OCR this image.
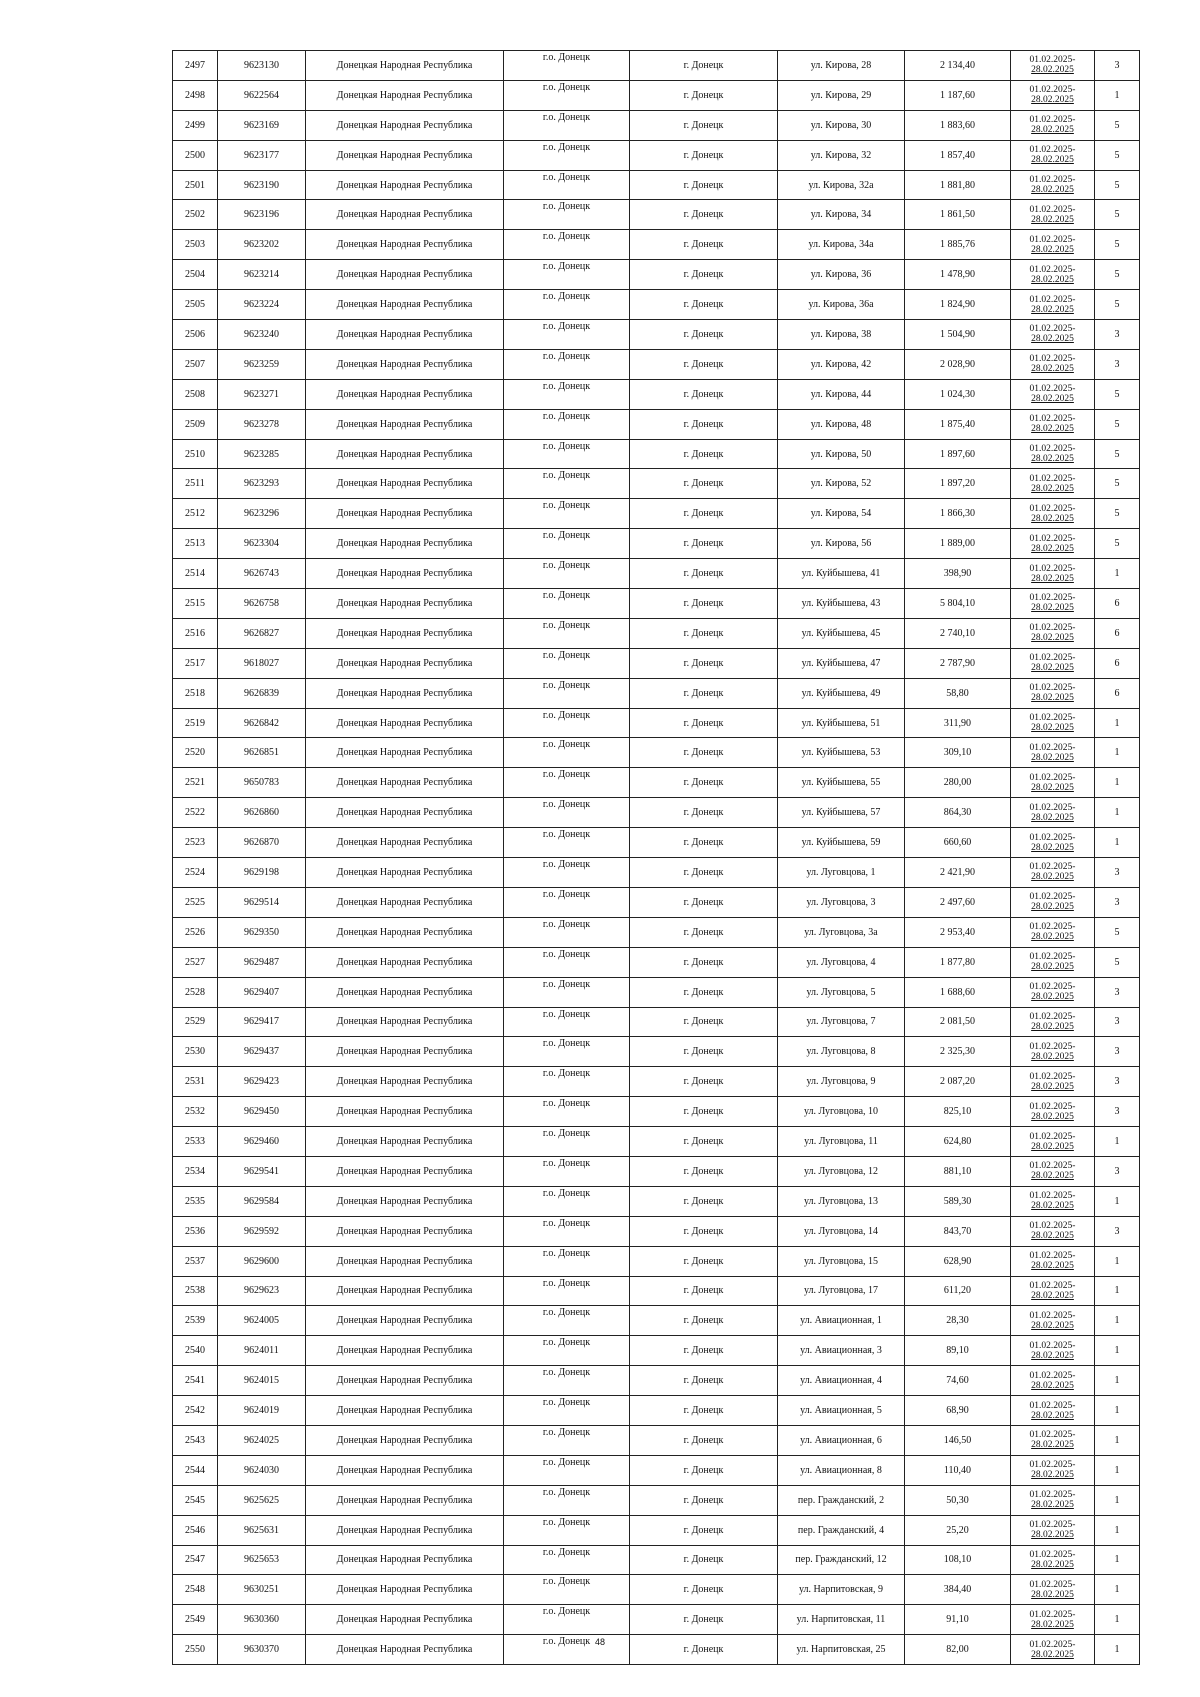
2497	9623130	Донецкая Народная Республика	г.о. Донецк	г. Донецк	ул. Кирова, 28	2 134,40	01.02.2025-
28.02.2025	3
2498	9622564	Донецкая Народная Республика	г.о. Донецк	г. Донецк	ул. Кирова, 29	1 187,60	01.02.2025-
28.02.2025	1
2499	9623169	Донецкая Народная Республика	г.о. Донецк	г. Донецк	ул. Кирова, 30	1 883,60	01.02.2025-
28.02.2025	5
2500	9623177	Донецкая Народная Республика	г.о. Донецк	г. Донецк	ул. Кирова, 32	1 857,40	01.02.2025-
28.02.2025	5
2501	9623190	Донецкая Народная Республика	г.о. Донецк	г. Донецк	ул. Кирова, 32а	1 881,80	01.02.2025-
28.02.2025	5
2502	9623196	Донецкая Народная Республика	г.о. Донецк	г. Донецк	ул. Кирова, 34	1 861,50	01.02.2025-
28.02.2025	5
2503	9623202	Донецкая Народная Республика	г.о. Донецк	г. Донецк	ул. Кирова, 34а	1 885,76	01.02.2025-
28.02.2025	5
2504	9623214	Донецкая Народная Республика	г.о. Донецк	г. Донецк	ул. Кирова, 36	1 478,90	01.02.2025-
28.02.2025	5
2505	9623224	Донецкая Народная Республика	г.о. Донецк	г. Донецк	ул. Кирова, 36а	1 824,90	01.02.2025-
28.02.2025	5
2506	9623240	Донецкая Народная Республика	г.о. Донецк	г. Донецк	ул. Кирова, 38	1 504,90	01.02.2025-
28.02.2025	3
2507	9623259	Донецкая Народная Республика	г.о. Донецк	г. Донецк	ул. Кирова, 42	2 028,90	01.02.2025-
28.02.2025	3
2508	9623271	Донецкая Народная Республика	г.о. Донецк	г. Донецк	ул. Кирова, 44	1 024,30	01.02.2025-
28.02.2025	5
2509	9623278	Донецкая Народная Республика	г.о. Донецк	г. Донецк	ул. Кирова, 48	1 875,40	01.02.2025-
28.02.2025	5
2510	9623285	Донецкая Народная Республика	г.о. Донецк	г. Донецк	ул. Кирова, 50	1 897,60	01.02.2025-
28.02.2025	5
2511	9623293	Донецкая Народная Республика	г.о. Донецк	г. Донецк	ул. Кирова, 52	1 897,20	01.02.2025-
28.02.2025	5
2512	9623296	Донецкая Народная Республика	г.о. Донецк	г. Донецк	ул. Кирова, 54	1 866,30	01.02.2025-
28.02.2025	5
2513	9623304	Донецкая Народная Республика	г.о. Донецк	г. Донецк	ул. Кирова, 56	1 889,00	01.02.2025-
28.02.2025	5
2514	9626743	Донецкая Народная Республика	г.о. Донецк	г. Донецк	ул. Куйбышева, 41	398,90	01.02.2025-
28.02.2025	1
2515	9626758	Донецкая Народная Республика	г.о. Донецк	г. Донецк	ул. Куйбышева, 43	5 804,10	01.02.2025-
28.02.2025	6
2516	9626827	Донецкая Народная Республика	г.о. Донецк	г. Донецк	ул. Куйбышева, 45	2 740,10	01.02.2025-
28.02.2025	6
2517	9618027	Донецкая Народная Республика	г.о. Донецк	г. Донецк	ул. Куйбышева, 47	2 787,90	01.02.2025-
28.02.2025	6
2518	9626839	Донецкая Народная Республика	г.о. Донецк	г. Донецк	ул. Куйбышева, 49	58,80	01.02.2025-
28.02.2025	6
2519	9626842	Донецкая Народная Республика	г.о. Донецк	г. Донецк	ул. Куйбышева, 51	311,90	01.02.2025-
28.02.2025	1
2520	9626851	Донецкая Народная Республика	г.о. Донецк	г. Донецк	ул. Куйбышева, 53	309,10	01.02.2025-
28.02.2025	1
2521	9650783	Донецкая Народная Республика	г.о. Донецк	г. Донецк	ул. Куйбышева, 55	280,00	01.02.2025-
28.02.2025	1
2522	9626860	Донецкая Народная Республика	г.о. Донецк	г. Донецк	ул. Куйбышева, 57	864,30	01.02.2025-
28.02.2025	1
2523	9626870	Донецкая Народная Республика	г.о. Донецк	г. Донецк	ул. Куйбышева, 59	660,60	01.02.2025-
28.02.2025	1
2524	9629198	Донецкая Народная Республика	г.о. Донецк	г. Донецк	ул. Луговцова, 1	2 421,90	01.02.2025-
28.02.2025	3
2525	9629514	Донецкая Народная Республика	г.о. Донецк	г. Донецк	ул. Луговцова, 3	2 497,60	01.02.2025-
28.02.2025	3
2526	9629350	Донецкая Народная Республика	г.о. Донецк	г. Донецк	ул. Луговцова, 3а	2 953,40	01.02.2025-
28.02.2025	5
2527	9629487	Донецкая Народная Республика	г.о. Донецк	г. Донецк	ул. Луговцова, 4	1 877,80	01.02.2025-
28.02.2025	5
2528	9629407	Донецкая Народная Республика	г.о. Донецк	г. Донецк	ул. Луговцова, 5	1 688,60	01.02.2025-
28.02.2025	3
2529	9629417	Донецкая Народная Республика	г.о. Донецк	г. Донецк	ул. Луговцова, 7	2 081,50	01.02.2025-
28.02.2025	3
2530	9629437	Донецкая Народная Республика	г.о. Донецк	г. Донецк	ул. Луговцова, 8	2 325,30	01.02.2025-
28.02.2025	3
2531	9629423	Донецкая Народная Республика	г.о. Донецк	г. Донецк	ул. Луговцова, 9	2 087,20	01.02.2025-
28.02.2025	3
2532	9629450	Донецкая Народная Республика	г.о. Донецк	г. Донецк	ул. Луговцова, 10	825,10	01.02.2025-
28.02.2025	3
2533	9629460	Донецкая Народная Республика	г.о. Донецк	г. Донецк	ул. Луговцова, 11	624,80	01.02.2025-
28.02.2025	1
2534	9629541	Донецкая Народная Республика	г.о. Донецк	г. Донецк	ул. Луговцова, 12	881,10	01.02.2025-
28.02.2025	3
2535	9629584	Донецкая Народная Республика	г.о. Донецк	г. Донецк	ул. Луговцова, 13	589,30	01.02.2025-
28.02.2025	1
2536	9629592	Донецкая Народная Республика	г.о. Донецк	г. Донецк	ул. Луговцова, 14	843,70	01.02.2025-
28.02.2025	3
2537	9629600	Донецкая Народная Республика	г.о. Донецк	г. Донецк	ул. Луговцова, 15	628,90	01.02.2025-
28.02.2025	1
2538	9629623	Донецкая Народная Республика	г.о. Донецк	г. Донецк	ул. Луговцова, 17	611,20	01.02.2025-
28.02.2025	1
2539	9624005	Донецкая Народная Республика	г.о. Донецк	г. Донецк	ул. Авиационная, 1	28,30	01.02.2025-
28.02.2025	1
2540	9624011	Донецкая Народная Республика	г.о. Донецк	г. Донецк	ул. Авиационная, 3	89,10	01.02.2025-
28.02.2025	1
2541	9624015	Донецкая Народная Республика	г.о. Донецк	г. Донецк	ул. Авиационная, 4	74,60	01.02.2025-
28.02.2025	1
2542	9624019	Донецкая Народная Республика	г.о. Донецк	г. Донецк	ул. Авиационная, 5	68,90	01.02.2025-
28.02.2025	1
2543	9624025	Донецкая Народная Республика	г.о. Донецк	г. Донецк	ул. Авиационная, 6	146,50	01.02.2025-
28.02.2025	1
2544	9624030	Донецкая Народная Республика	г.о. Донецк	г. Донецк	ул. Авиационная, 8	110,40	01.02.2025-
28.02.2025	1
2545	9625625	Донецкая Народная Республика	г.о. Донецк	г. Донецк	пер. Гражданский, 2	50,30	01.02.2025-
28.02.2025	1
2546	9625631	Донецкая Народная Республика	г.о. Донецк	г. Донецк	пер. Гражданский, 4	25,20	01.02.2025-
28.02.2025	1
2547	9625653	Донецкая Народная Республика	г.о. Донецк	г. Донецк	пер. Гражданский, 12	108,10	01.02.2025-
28.02.2025	1
2548	9630251	Донецкая Народная Республика	г.о. Донецк	г. Донецк	ул. Нарпитовская, 9	384,40	01.02.2025-
28.02.2025	1
2549	9630360	Донецкая Народная Республика	г.о. Донецк	г. Донецк	ул. Нарпитовская, 11	91,10	01.02.2025-
28.02.2025	1
2550	9630370	Донецкая Народная Республика	г.о. Донецк	г. Донецк	ул. Нарпитовская, 25	82,00	01.02.2025-
28.02.2025	1
48
